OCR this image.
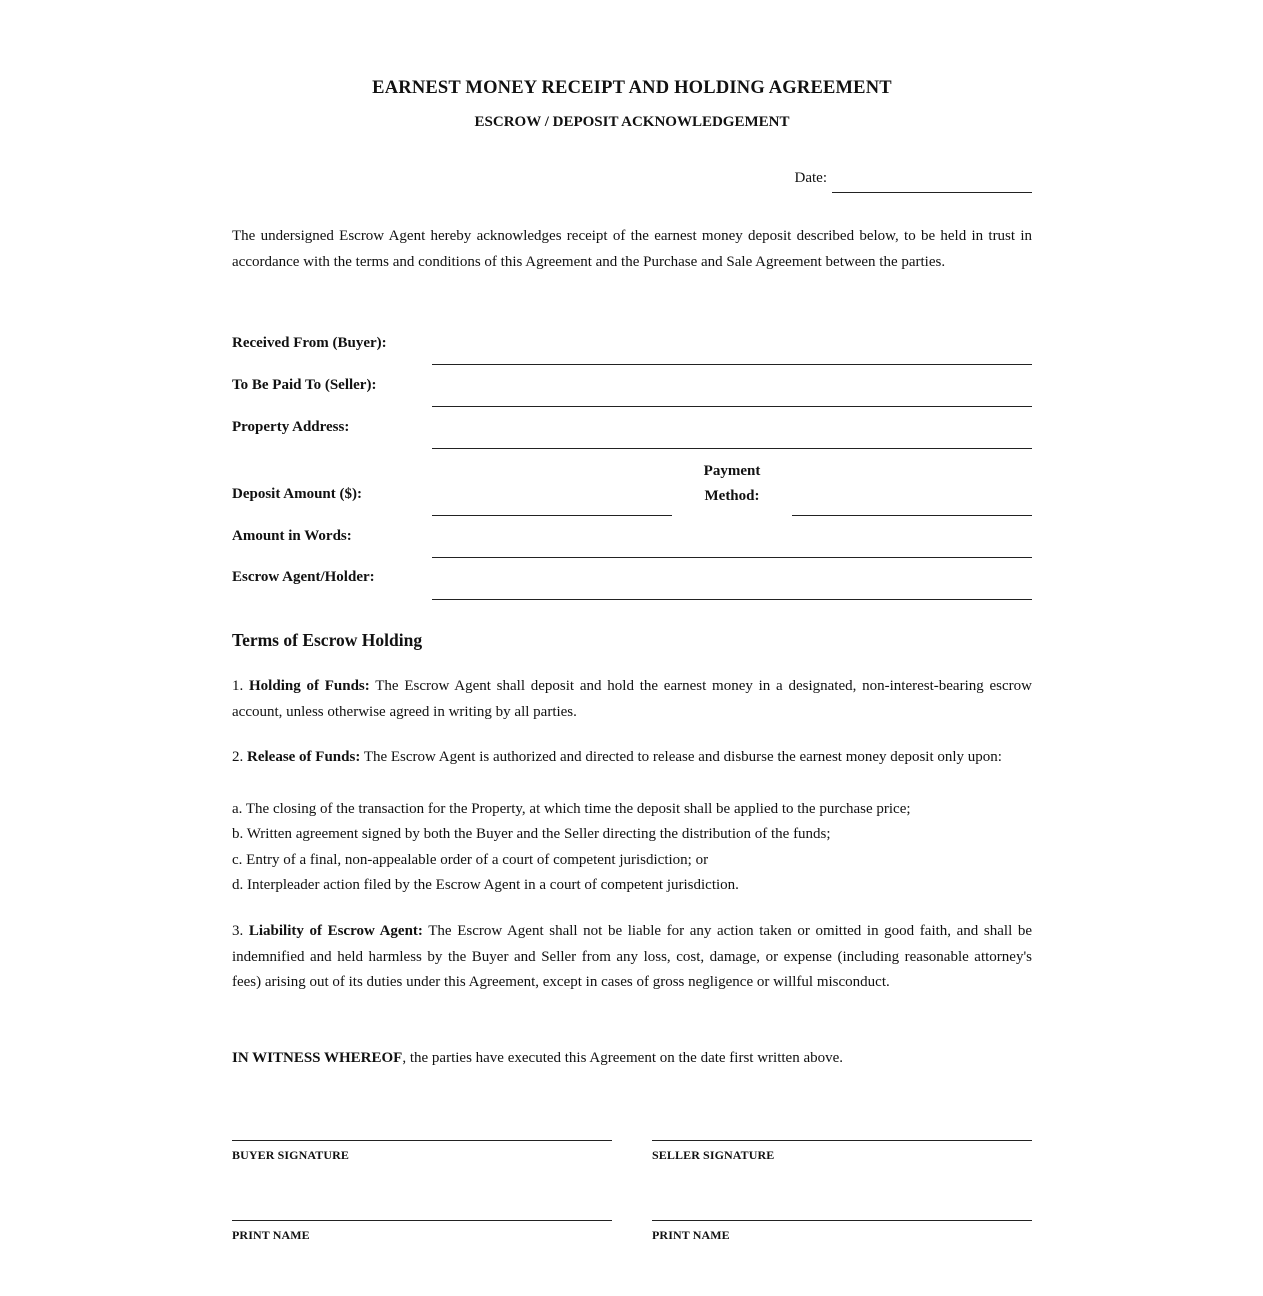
EARNEST MONEY RECEIPT AND HOLDING AGREEMENT
ESCROW / DEPOSIT ACKNOWLEDGEMENT
Date:

The undersigned Escrow Agent hereby acknowledges receipt of the earnest money deposit described below, to be held in trust in accordance with the terms and conditions of this Agreement and the Purchase and Sale Agreement between the parties.

Received From (Buyer):
To Be Paid To (Seller):
Property Address:
Deposit Amount ($):
Payment
Method:
Amount in Words:
Escrow Agent/Holder:
Terms of Escrow Holding

1. Holding of Funds: The Escrow Agent shall deposit and hold the earnest money in a designated, non-interest-bearing escrow account, unless otherwise agreed in writing by all parties.

2. Release of Funds: The Escrow Agent is authorized and directed to release and disburse the earnest money deposit only upon:

a. The closing of the transaction for the Property, at which time the deposit shall be applied to the purchase price;

b. Written agreement signed by both the Buyer and the Seller directing the distribution of the funds;

c. Entry of a final, non-appealable order of a court of competent jurisdiction; or

d. Interpleader action filed by the Escrow Agent in a court of competent jurisdiction.

3. Liability of Escrow Agent: The Escrow Agent shall not be liable for any action taken or omitted in good faith, and shall be indemnified and held harmless by the Buyer and Seller from any loss, cost, damage, or expense (including reasonable attorney's fees) arising out of its duties under this Agreement, except in cases of gross negligence or willful misconduct.

IN WITNESS WHEREOF, the parties have executed this Agreement on the date first written above.

BUYER SIGNATURE	SELLER SIGNATURE
PRINT NAME	PRINT NAME
